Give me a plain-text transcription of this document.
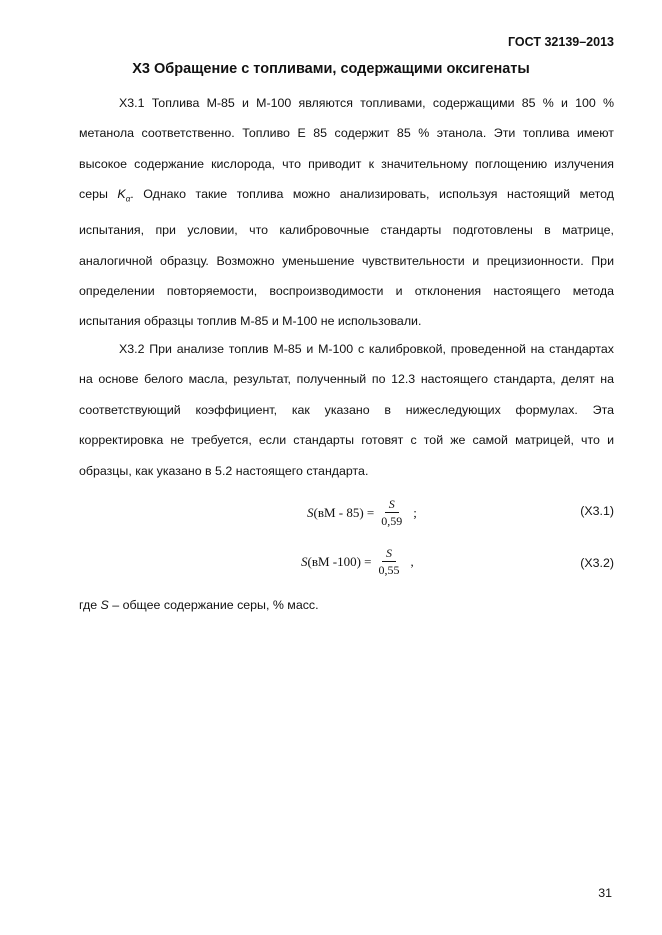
ГОСТ 32139–2013
Х3 Обращение с топливами, содержащими оксигенаты

Х3.1 Топлива М-85 и М-100 являются топливами, содержащими 85 % и 100 % метанола соответственно. Топливо Е 85 содержит 85 % этанола. Эти топлива имеют высокое содержание кислорода, что приводит к значительному поглощению излучения серы $K_\alpha$. Однако такие топлива можно анализировать, используя настоящий метод испытания, при условии, что калибровочные стандарты подготовлены в матрице, аналогичной образцу. Возможно уменьшение чувствительности и прецизионности. При определении повторяемости, воспроизводимости и отклонения настоящего метода испытания образцы топлив М-85 и М-100 не использовали.

Х3.2 При анализе топлив М-85 и М-100 с калибровкой, проведенной на стандартах на основе белого масла, результат, полученный по 12.3 настоящего стандарта, делят на соответствующий коэффициент, как указано в нижеследующих формулах. Эта корректировка не требуется, если стандарты готовят с той же самой матрицей, что и образцы, как указано в 5.2 настоящего стандарта.

S $(вМ - 85) = \frac{S}{0,59}$ ;	(Х3.1)
S (вМ $-100) = \frac{S}{0,55}$ ,	(Х3.2)
где S – общее содержание серы, % масс.
31
